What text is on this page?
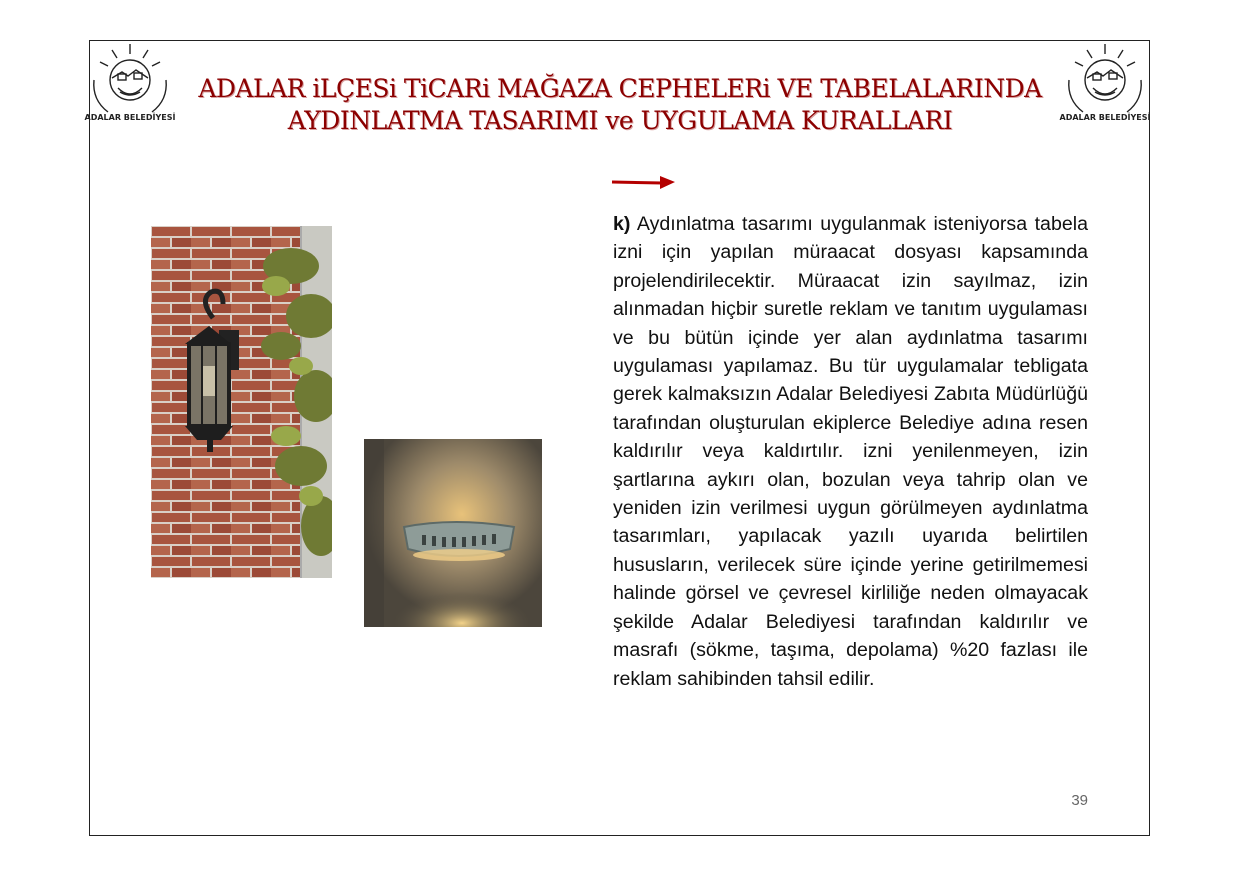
ADALAR BELEDİYESİ	ADALAR BELEDİYESİ
ADALAR iLÇESi TiCARi MAĞAZA CEPHELERi VE TABELALARINDA
AYDINLATMA TASARIMI ve UYGULAMA KURALLARI

k) Aydınlatma tasarımı uygulanmak isteniyorsa tabela izni için yapılan müraacat dosyası kapsamında projelendirilecektir. Müraacat izin sayılmaz, izin alınmadan hiçbir suretle reklam ve tanıtım uygulaması ve bu bütün içinde yer alan aydınlatma tasarımı uygulaması yapılamaz. Bu tür uygulamalar tebligata gerek kalmaksızın Adalar Belediyesi Zabıta Müdürlüğü tarafından oluşturulan ekiplerce Belediye adına resen kaldırılır veya kaldırtılır. izni yenilenmeyen, izin şartlarına aykırı olan, bozulan veya tahrip olan ve yeniden izin verilmesi uygun görülmeyen aydınlatma tasarımları, yapılacak yazılı uyarıda belirtilen hususların, verilecek süre içinde yerine getirilmemesi halinde görsel ve çevresel kirliliğe neden olmayacak şekilde Adalar Belediyesi tarafından kaldırılır ve masrafı (sökme, taşıma, depolama) %20 fazlası ile reklam sahibinden tahsil edilir.

39
